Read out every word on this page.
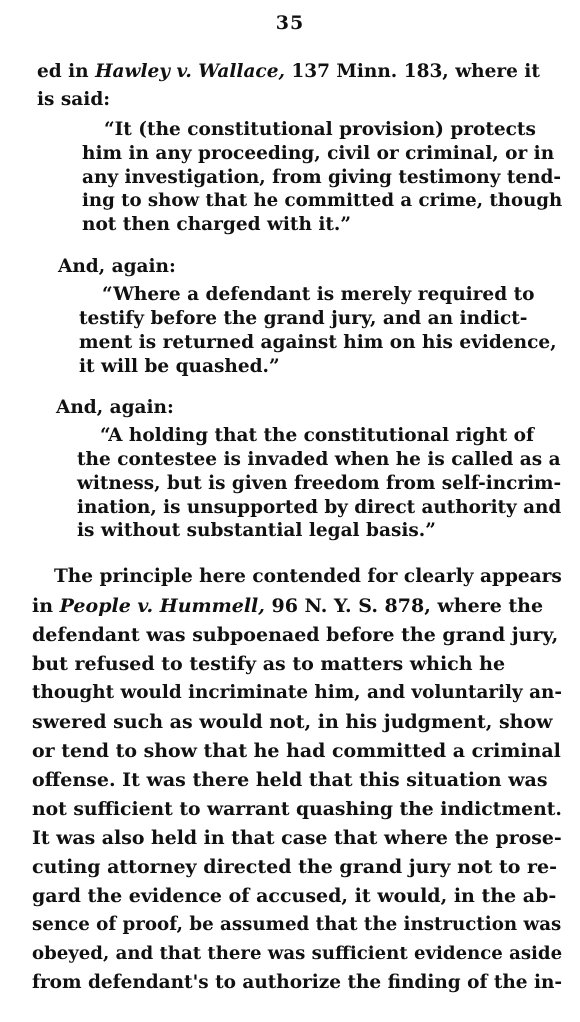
35
ed in Hawley v. Wallace, 137 Minn. 183, where it
is said:
“It (the constitutional provision) protects
him in any proceeding, civil or criminal, or in
any investigation, from giving testimony tend-
ing to show that he committed a crime, though
not then charged with it.”
And, again:
“Where a defendant is merely required to
testify before the grand jury, and an indict-
ment is returned against him on his evidence,
it will be quashed.”
And, again:
“A holding that the constitutional right of
the contestee is invaded when he is called as a
witness, but is given freedom from self-incrim-
ination, is unsupported by direct authority and
is without substantial legal basis.”
The principle here contended for clearly appears
in People v. Hummell, 96 N. Y. S. 878, where the
defendant was subpoenaed before the grand jury,
but refused to testify as to matters which he
thought would incriminate him, and voluntarily an-
swered such as would not, in his judgment, show
or tend to show that he had committed a criminal
offense. It was there held that this situation was
not sufficient to warrant quashing the indictment.
It was also held in that case that where the prose-
cuting attorney directed the grand jury not to re-
gard the evidence of accused, it would, in the ab-
sence of proof, be assumed that the instruction was
obeyed, and that there was sufficient evidence aside
from defendant's to authorize the finding of the in-
